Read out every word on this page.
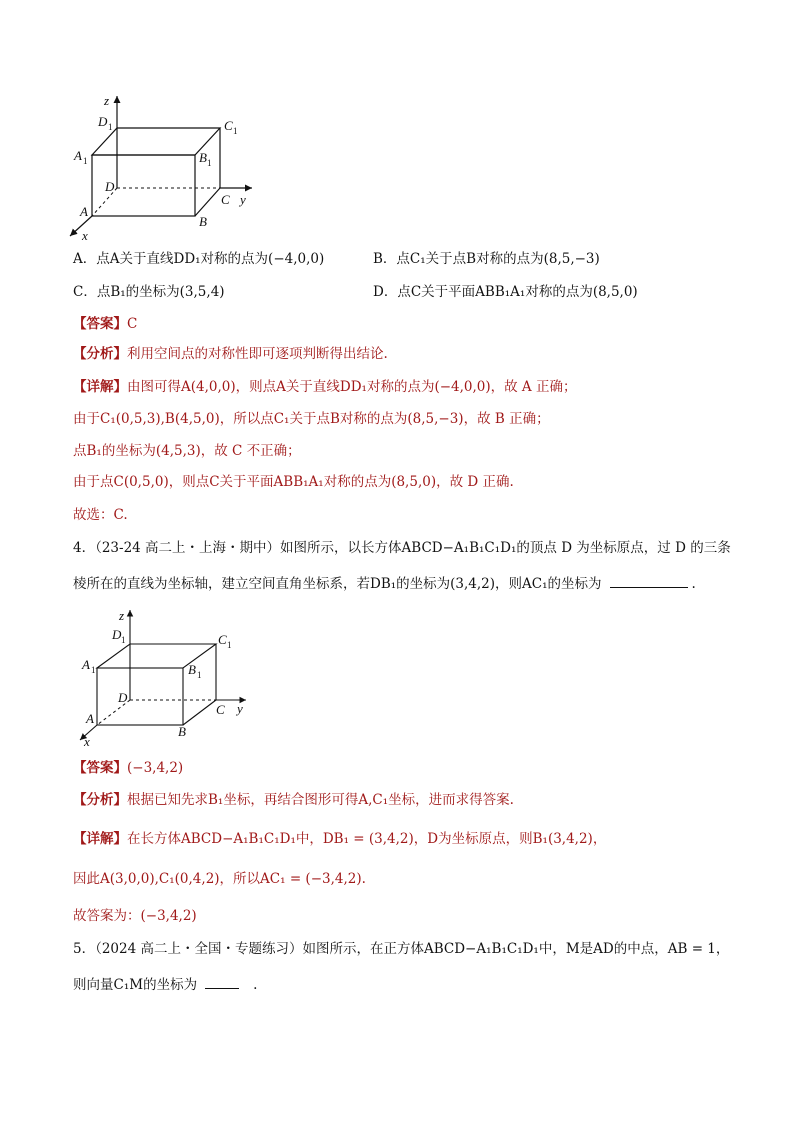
z
D 1	C 1
A 1	B 1
D
C y
A
B
x
A．点A关于直线DD₁对称的点为(−4,0,0)	B．点C₁关于点B对称的点为(8,5,−3)
C．点B₁的坐标为(3,5,4)	D．点C关于平面ABB₁A₁对称的点为(8,5,0)
【答案】C
【分析】利用空间点的对称性即可逐项判断得出结论.
【详解】由图可得A(4,0,0)，则点A关于直线DD₁对称的点为(−4,0,0)，故 A 正确；
由于C₁(0,5,3),B(4,5,0)，所以点C₁关于点B对称的点为(8,5,−3)，故 B 正确；
点B₁的坐标为(4,5,3)，故 C 不正确；
由于点C(0,5,0)，则点C关于平面ABB₁A₁对称的点为(8,5,0)，故 D 正确.
故选：C.
4．（23-24 高二上・上海・期中）如图所示，以长方体ABCD−A₁B₁C₁D₁的顶点 D 为坐标原点，过 D 的三条
棱所在的直线为坐标轴，建立空间直角坐标系，若DB₁的坐标为(3,4,2)，则AC₁的坐标为	.
z
D 1	C 1
A 1	B 1
D
C y
A
B
x
【答案】(−3,4,2)
【分析】根据已知先求B₁坐标，再结合图形可得A,C₁坐标，进而求得答案.
【详解】在长方体ABCD−A₁B₁C₁D₁中，DB₁ = (3,4,2)，D为坐标原点，则B₁(3,4,2)，
因此A(3,0,0),C₁(0,4,2)，所以AC₁ = (−3,4,2).
故答案为：(−3,4,2)
5．（2024 高二上・全国・专题练习）如图所示，在正方体ABCD−A₁B₁C₁D₁中，M是AD的中点，AB = 1，
则向量C₁M的坐标为	.
